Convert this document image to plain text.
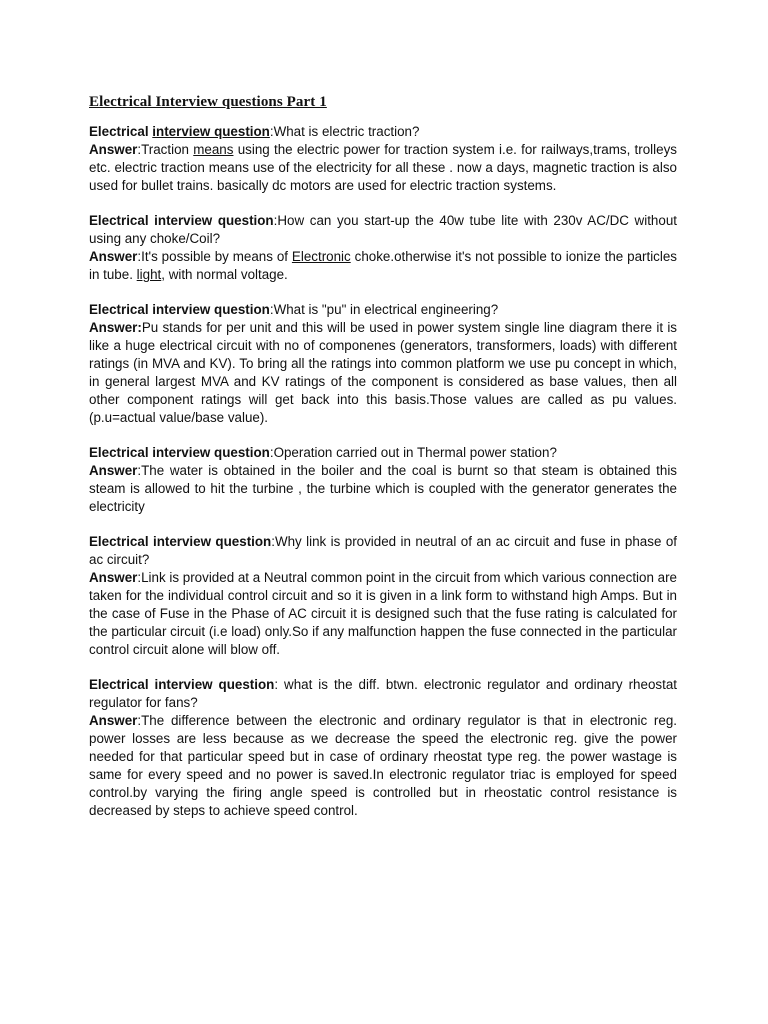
Electrical Interview questions Part 1

Electrical interview question:What is electric traction?

Answer:Traction means using the electric power for traction system i.e. for railways,trams, trolleys etc. electric traction means use of the electricity for all these . now a days, magnetic traction is also used for bullet trains. basically dc motors are used for electric traction systems.

Electrical interview question:How can you start-up the 40w tube lite with 230v AC/DC without using any choke/Coil?

Answer:It's possible by means of Electronic choke.otherwise it's not possible to ionize the particles in tube. light, with normal voltage.

Electrical interview question:What is "pu" in electrical engineering?

Answer:Pu stands for per unit and this will be used in power system single line diagram there it is like a huge electrical circuit with no of componenes (generators, transformers, loads) with different ratings (in MVA and KV). To bring all the ratings into common platform we use pu concept in which, in general largest MVA and KV ratings of the component is considered as base values, then all other component ratings will get back into this basis.Those values are called as pu values. (p.u=actual value/base value).

Electrical interview question:Operation carried out in Thermal power station?

Answer:The water is obtained in the boiler and the coal is burnt so that steam is obtained this steam is allowed to hit the turbine , the turbine which is coupled with the generator generates the electricity

Electrical interview question:Why link is provided in neutral of an ac circuit and fuse in phase of ac circuit?

Answer:Link is provided at a Neutral common point in the circuit from which various connection are taken for the individual control circuit and so it is given in a link form to withstand high Amps. But in the case of Fuse in the Phase of AC circuit it is designed such that the fuse rating is calculated for the particular circuit (i.e load) only.So if any malfunction happen the fuse connected in the particular control circuit alone will blow off.

Electrical interview question: what is the diff. btwn. electronic regulator and ordinary rheostat regulator for fans?

Answer:The difference between the electronic and ordinary regulator is that in electronic reg. power losses are less because as we decrease the speed the electronic reg. give the power needed for that particular speed but in case of ordinary rheostat type reg. the power wastage is same for every speed and no power is saved.In electronic regulator triac is employed for speed control.by varying the firing angle speed is controlled but in rheostatic control resistance is decreased by steps to achieve speed control.
